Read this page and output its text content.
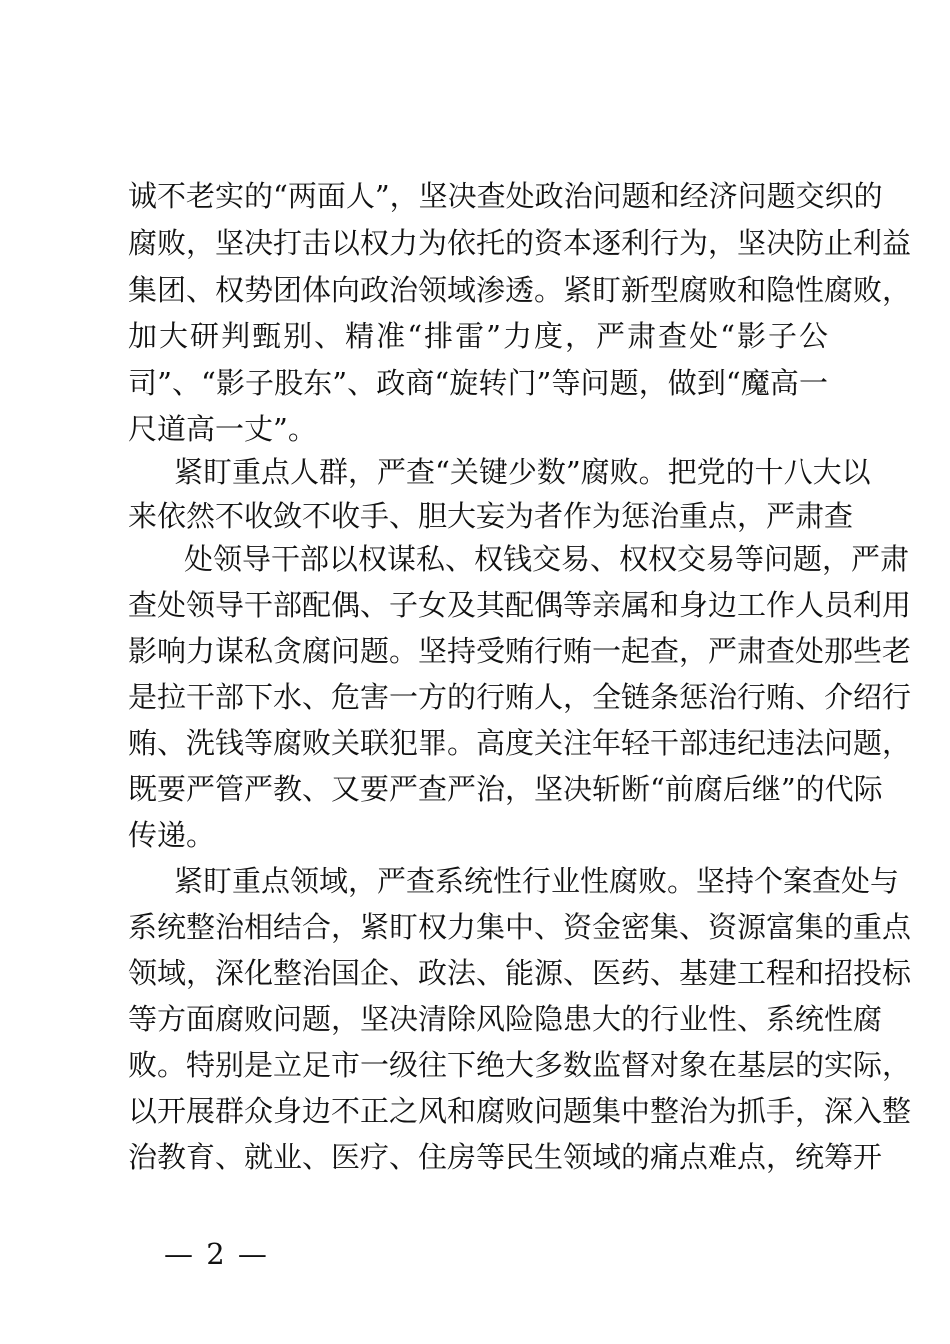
诚不老实的“两面人”，坚决查处政治问题和经济问题交织的
腐败，坚决打击以权力为依托的资本逐利行为，坚决防止利益
集团、权势团体向政治领域渗透。紧盯新型腐败和隐性腐败，
加大研判甄别、精准“排雷”力度，严肃查处“影子公
司”、“影子股东”、政商“旋转门”等问题，做到“魔高一
尺道高一丈”。
紧盯重点人群，严查“关键少数”腐败。把党的十八大以
来依然不收敛不收手、胆大妄为者作为惩治重点，严肃查
处领导干部以权谋私、权钱交易、权权交易等问题，严肃
查处领导干部配偶、子女及其配偶等亲属和身边工作人员利用
影响力谋私贪腐问题。坚持受贿行贿一起查，严肃查处那些老
是拉干部下水、危害一方的行贿人，全链条惩治行贿、介绍行
贿、洗钱等腐败关联犯罪。高度关注年轻干部违纪违法问题，
既要严管严教、又要严查严治，坚决斩断“前腐后继”的代际
传递。
紧盯重点领域，严查系统性行业性腐败。坚持个案查处与
系统整治相结合，紧盯权力集中、资金密集、资源富集的重点
领域，深化整治国企、政法、能源、医药、基建工程和招投标
等方面腐败问题，坚决清除风险隐患大的行业性、系统性腐
败。特别是立足市一级往下绝大多数监督对象在基层的实际，
以开展群众身边不正之风和腐败问题集中整治为抓手，深入整
治教育、就业、医疗、住房等民生领域的痛点难点，统筹开
— 2 —
